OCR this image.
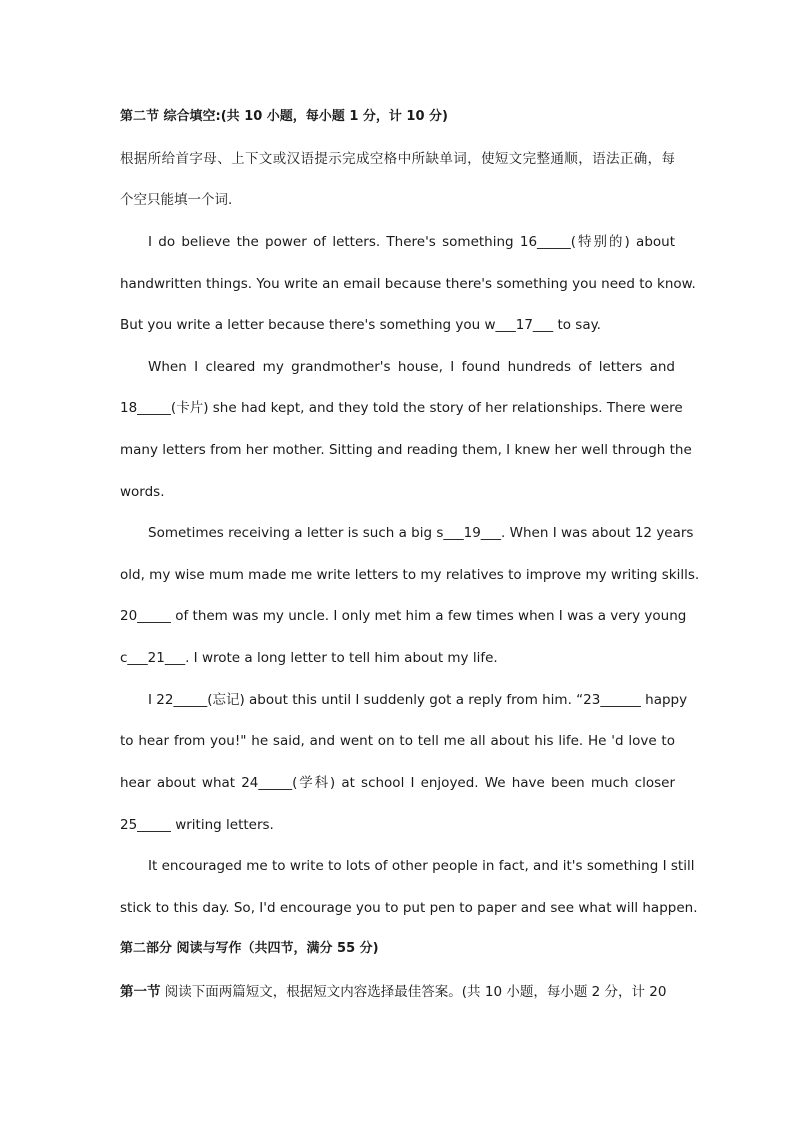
第二节 综合填空:(共 10 小题，每小题 1 分，计 10 分)
根据所给首字母、上下文或汉语提示完成空格中所缺单词，使短文完整通顺，语法正确，每
个空只能填一个词.
I do believe the power of letters. There's something 16_____(特别的) about
handwritten things. You write an email because there's something you need to know.
But you write a letter because there's something you w___17___ to say.
When I cleared my grandmother's house, I found hundreds of letters and
18_____(卡片) she had kept, and they told the story of her relationships. There were
many letters from her mother. Sitting and reading them, I knew her well through the
words.
Sometimes receiving a letter is such a big s___19___. When I was about 12 years
old, my wise mum made me write letters to my relatives to improve my writing skills.
20_____ of them was my uncle. I only met him a few times when I was a very young
c___21___. I wrote a long letter to tell him about my life.
I 22_____(忘记) about this until I suddenly got a reply from him. “23______ happy
to hear from you!" he said, and went on to tell me all about his life. He 'd love to
hear about what 24_____(学科) at school I enjoyed. We have been much closer
25_____ writing letters.
It encouraged me to write to lots of other people in fact, and it's something I still
stick to this day. So, I'd encourage you to put pen to paper and see what will happen.
第二部分 阅读与写作（共四节，满分 55 分)
第一节 阅读下面两篇短文，根据短文内容选择最佳答案。(共 10 小题，每小题 2 分，计 20
